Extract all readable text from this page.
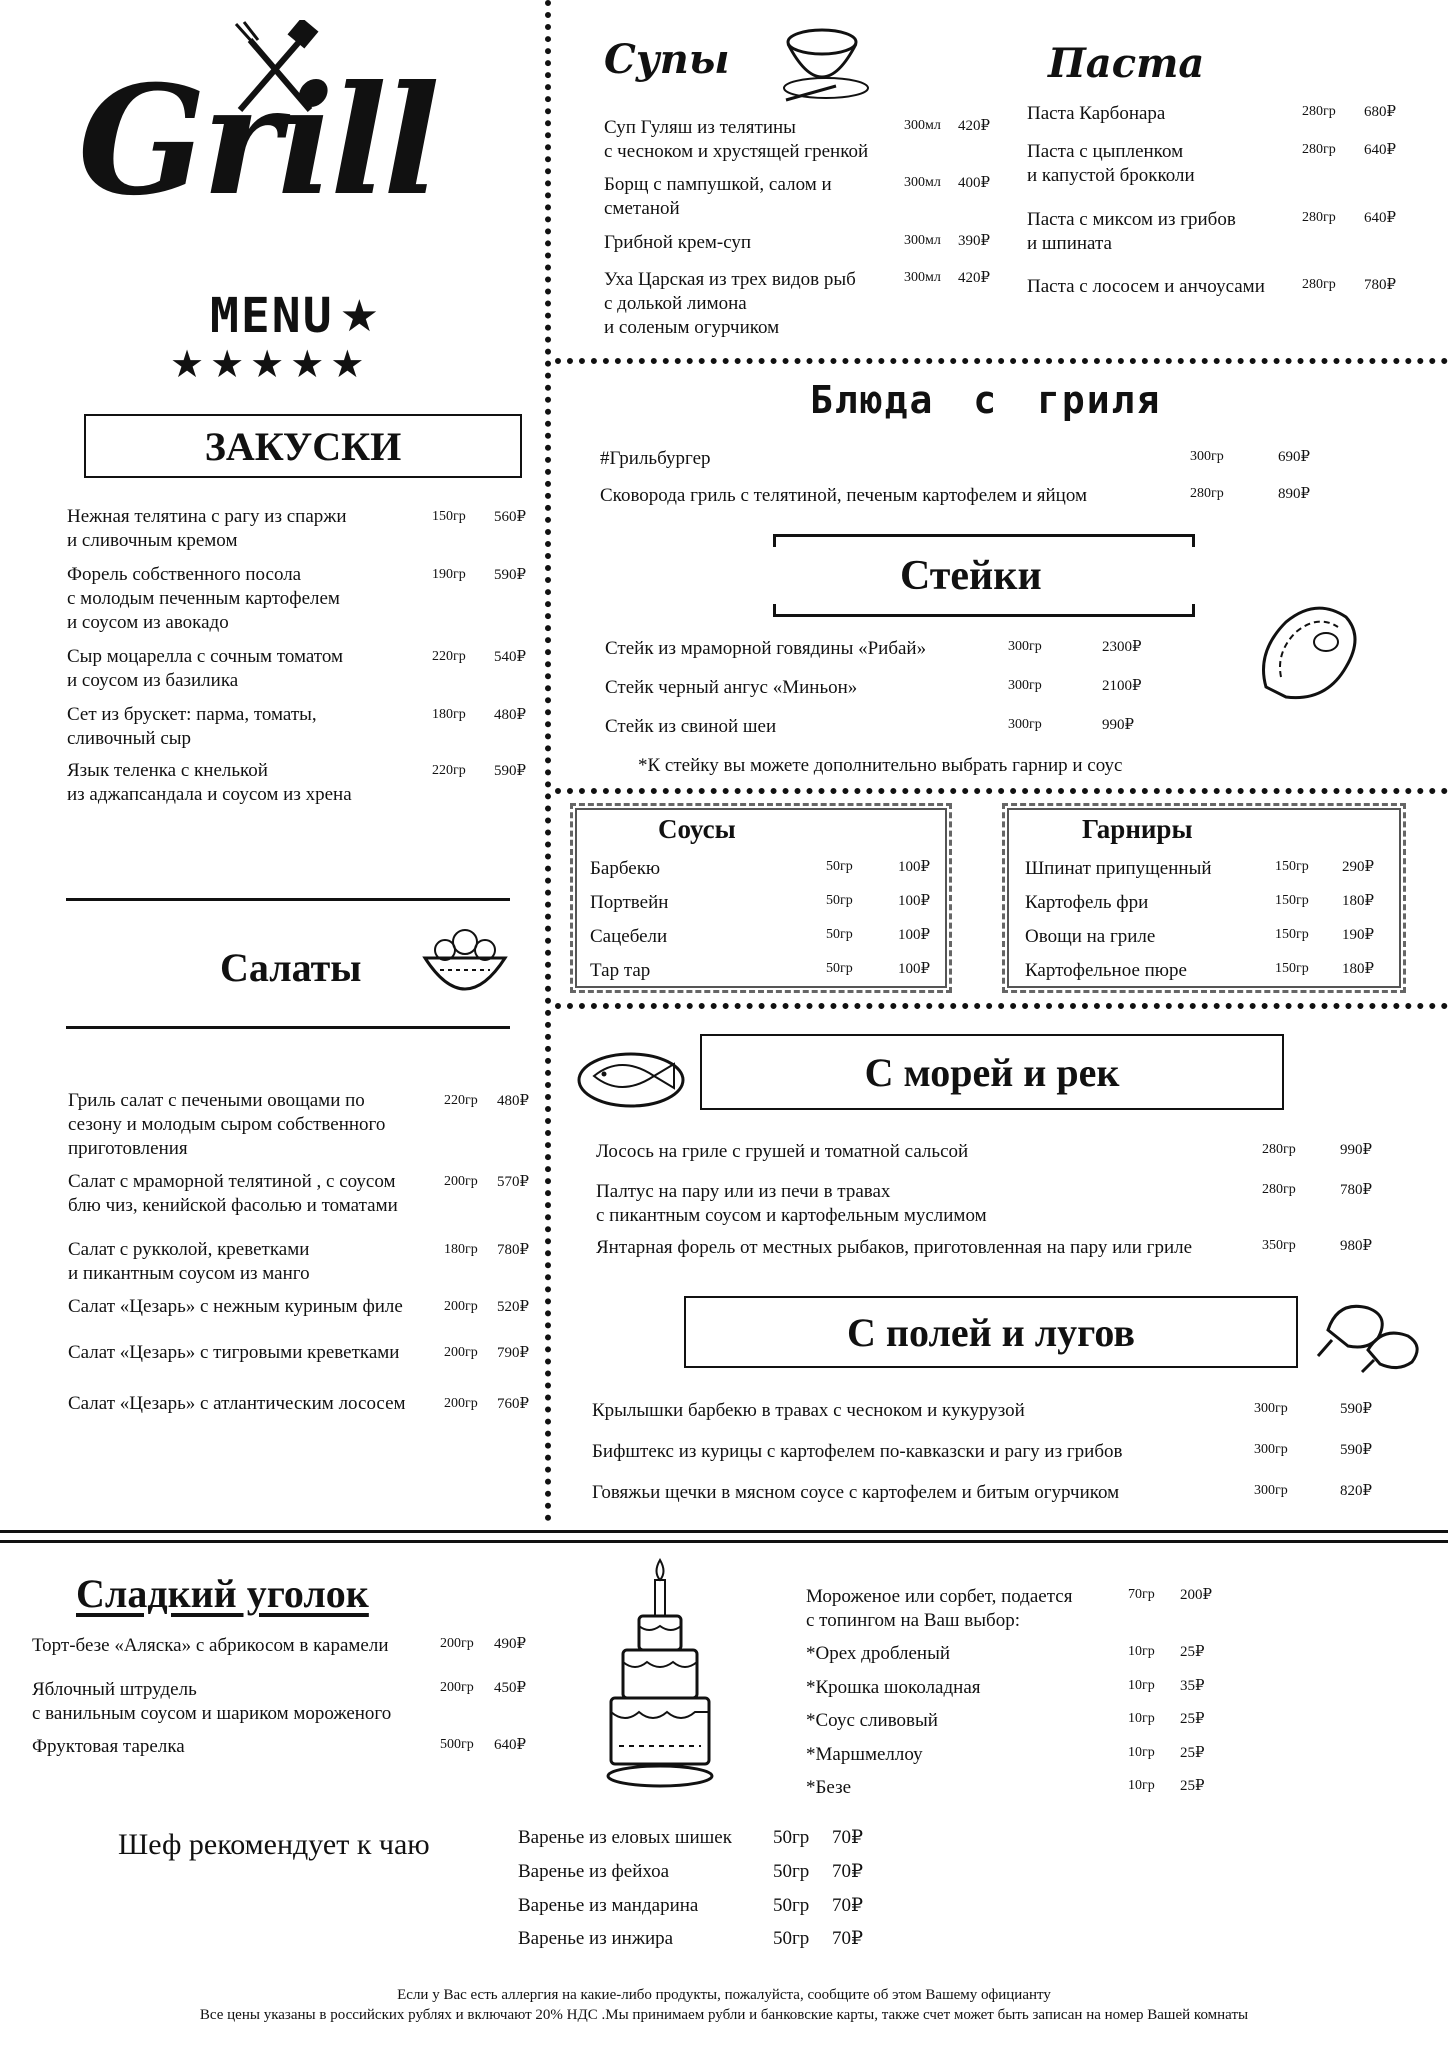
Grill
MENU ★
★★★★★
ЗАКУСКИ
Нежная телятина с рагу из спаржи
и сливочным кремом
150гр 560₽
Форель собственного посола
с молодым печенным картофелем
и соусом из авокадо
190гр 590₽
Сыр моцарелла с сочным томатом
и соусом из базилика
220гр 540₽
Сет из брускет: парма, томаты,
сливочный сыр
180гр 480₽
Язык теленка с кнелькой
из аджапсандала и соусом из хрена
220гр 590₽
Салаты
Гриль салат с печеными овощами по
сезону и молодым сыром собственного
приготовления
220гр 480₽
Салат с мраморной телятиной , с соусом
блю чиз, кенийской фасолью и томатами
200гр 570₽
Салат с рукколой, креветками
и пикантным соусом из манго
180гр 780₽
Салат «Цезарь» с нежным куриным филе	200гр 520₽
Салат «Цезарь» с тигровыми креветками	200гр 790₽
Салат «Цезарь» с атлантическим лососем	200гр 760₽
Супы
Суп Гуляш из телятины
с чесноком и хрустящей гренкой
300мл 420₽
Борщ с пампушкой, салом и
сметаной
300мл 400₽
Грибной крем-суп	300мл 390₽
Уха Царская из трех видов рыб
с долькой лимона
и соленым огурчиком
300мл 420₽
Паста
Паста Карбонара	280гр 680₽
Паста с цыпленком
и капустой брокколи
280гр 640₽
Паста с миксом из грибов
и шпината
280гр 640₽
Паста с лососем и анчоусами	280гр 780₽
Блюда с гриля
#Грильбургер	300гр	690₽
Сковорода гриль с телятиной, печеным картофелем и яйцом	280гр	890₽
Стейки
Стейк из мраморной говядины «Рибай»	300гр	2300₽
Стейк черный ангус «Миньон»	300гр	2100₽
Стейк из свиной шеи	300гр	990₽
*К стейку вы можете дополнительно выбрать гарнир и соус
Соусы
Барбекю	50гр	100₽
Портвейн	50гр	100₽
Сацебели	50гр	100₽
Тар тар	50гр	100₽
Гарниры
Шпинат припущенный	150гр 290₽
Картофель фри	150гр 180₽
Овощи на гриле	150гр 190₽
Картофельное пюре	150гр 180₽
С морей и рек
Лосось на гриле с грушей и томатной сальсой	280гр	990₽
Палтус на пару или из печи в травах
с пикантным соусом и картофельным муслимом
280гр	780₽
Янтарная форель от местных рыбаков, приготовленная на пару или гриле	350гр	980₽
С полей и лугов
Крылышки барбекю в травах с чесноком и кукурузой	300гр	590₽
Бифштекс из курицы с картофелем по-кавказски и рагу из грибов	300гр	590₽
Говяжьи щечки в мясном соусе с картофелем и битым огурчиком	300гр	820₽
Сладкий уголок
Торт-безе «Аляска» с абрикосом в карамели	200гр 490₽
Яблочный штрудель
с ванильным соусом и шариком мороженого
200гр 450₽
Фруктовая тарелка	500гр 640₽
Мороженое или сорбет, подается
с топингом на Ваш выбор:
70гр 200₽
*Орех дробленый	10гр 25₽
*Крошка шоколадная	10гр 35₽
*Соус сливовый	10гр 25₽
*Маршмеллоу	10гр 25₽
*Безе	10гр 25₽
Шеф рекомендует к чаю	Варенье из еловых шишек 50гр 70₽
Варенье из фейхоа	50гр 70₽
Варенье из мандарина	50гр 70₽
Варенье из инжира	50гр 70₽
Если у Вас есть аллергия на какие-либо продукты, пожалуйста, сообщите об этом Вашему официанту
Все цены указаны в российских рублях и включают 20% НДС .Мы принимаем рубли и банковские карты, также счет может быть записан на номер Вашей комнаты
